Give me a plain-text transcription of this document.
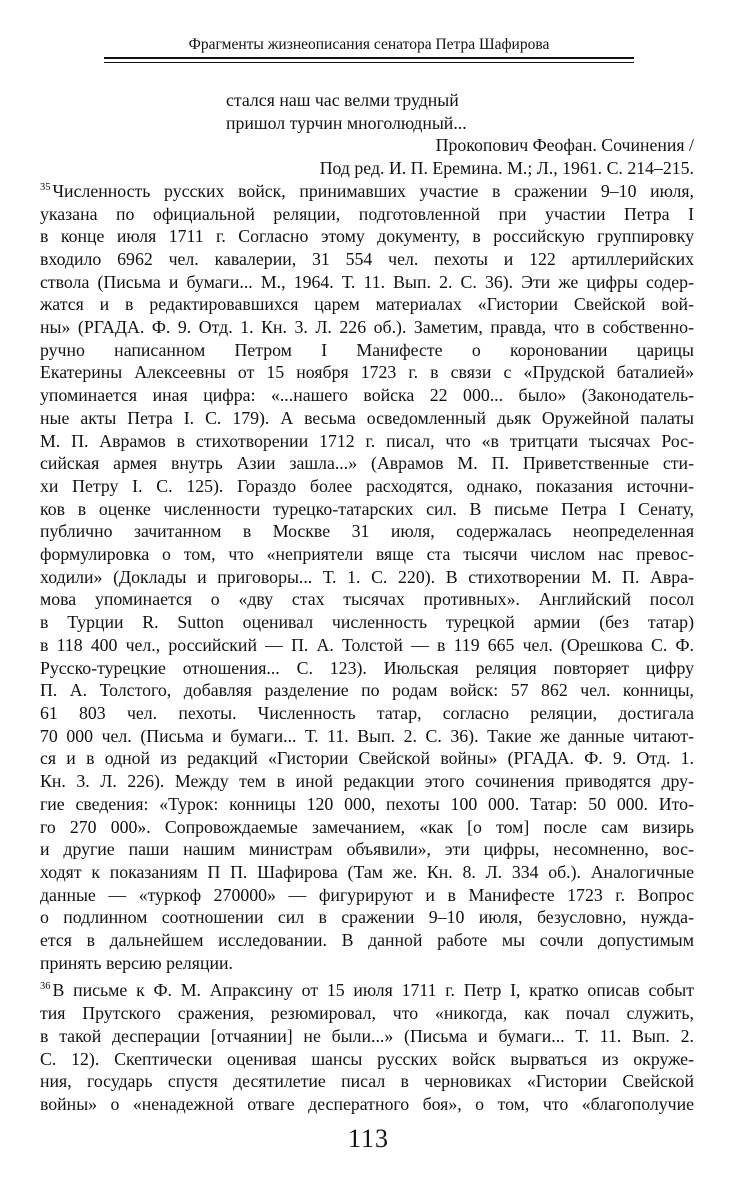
Фрагменты жизнеописания сенатора Петра Шафирова
стался наш час велми трудный
пришол турчин многолюдный...
Прокопович Феофан. Сочинения /
Под ред. И. П. Еремина. М.; Л., 1961. С. 214–215.
$^{35}$ Численность русских войск, принимавших участие в сражении 9–10 июля,
указана по официальной реляции, подготовленной при участии Петра I
в конце июля 1711 г. Согласно этому документу, в российскую группировку
входило 6962 чел. кавалерии, 31 554 чел. пехоты и 122 артиллерийских
ствола (Письма и бумаги... М., 1964. Т. 11. Вып. 2. С. 36). Эти же цифры содер-
жатся и в редактировавшихся царем материалах «Гистории Свейской вой-
ны» (РГАДА. Ф. 9. Отд. 1. Кн. 3. Л. 226 об.). Заметим, правда, что в собственно-
ручно написанном Петром I Манифесте о короновании царицы
Екатерины Алексеевны от 15 ноября 1723 г. в связи с «Прудской баталией»
упоминается иная цифра: «...нашего войска 22 000... было» (Законодатель-
ные акты Петра I. С. 179). А весьма осведомленный дьяк Оружейной палаты
М. П. Аврамов в стихотворении 1712 г. писал, что «в тритцати тысячах Рос-
сийская армея внутрь Азии зашла...» (Аврамов М. П. Приветственные сти-
хи Петру I. С. 125). Гораздо более расходятся, однако, показания источни-
ков в оценке численности турецко-татарских сил. В письме Петра I Сенату,
публично зачитанном в Москве 31 июля, содержалась неопределенная
формулировка о том, что «неприятели вяще ста тысячи числом нас превос-
ходили» (Доклады и приговоры... Т. 1. С. 220). В стихотворении М. П. Авра-
мова упоминается о «дву стах тысячах противных». Английский посол
в Турции R. Sutton оценивал численность турецкой армии (без татар)
в 118 400 чел., российский — П. А. Толстой — в 119 665 чел. (Орешкова С. Ф.
Русско-турецкие отношения... С. 123). Июльская реляция повторяет цифру
П. А. Толстого, добавляя разделение по родам войск: 57 862 чел. конницы,
61 803 чел. пехоты. Численность татар, согласно реляции, достигала
70 000 чел. (Письма и бумаги... Т. 11. Вып. 2. С. 36). Такие же данные читают-
ся и в одной из редакций «Гистории Свейской войны» (РГАДА. Ф. 9. Отд. 1.
Кн. 3. Л. 226). Между тем в иной редакции этого сочинения приводятся дру-
гие сведения: «Турок: конницы 120 000, пехоты 100 000. Татар: 50 000. Ито-
го 270 000». Сопровождаемые замечанием, «как [о том] после сам визирь
и другие паши нашим министрам объявили», эти цифры, несомненно, вос-
ходят к показаниям П П. Шафирова (Там же. Кн. 8. Л. 334 об.). Аналогичные
данные — «туркоф 270000» — фигурируют и в Манифесте 1723 г. Вопрос
о подлинном соотношении сил в сражении 9–10 июля, безусловно, нужда-
ется в дальнейшем исследовании. В данной работе мы сочли допустимым
принять версию реляции.
$^{36}$ В письме к Ф. М. Апраксину от 15 июля 1711 г. Петр I, кратко описав событ
тия Прутского сражения, резюмировал, что «никогда, как почал служить,
в такой десперации [отчаянии] не были...» (Письма и бумаги... Т. 11. Вып. 2.
С. 12). Скептически оценивая шансы русских войск вырваться из окруже-
ния, государь спустя десятилетие писал в черновиках «Гистории Свейской
войны» о «ненадежной отваге десператного боя», о том, что «благополучие
113
